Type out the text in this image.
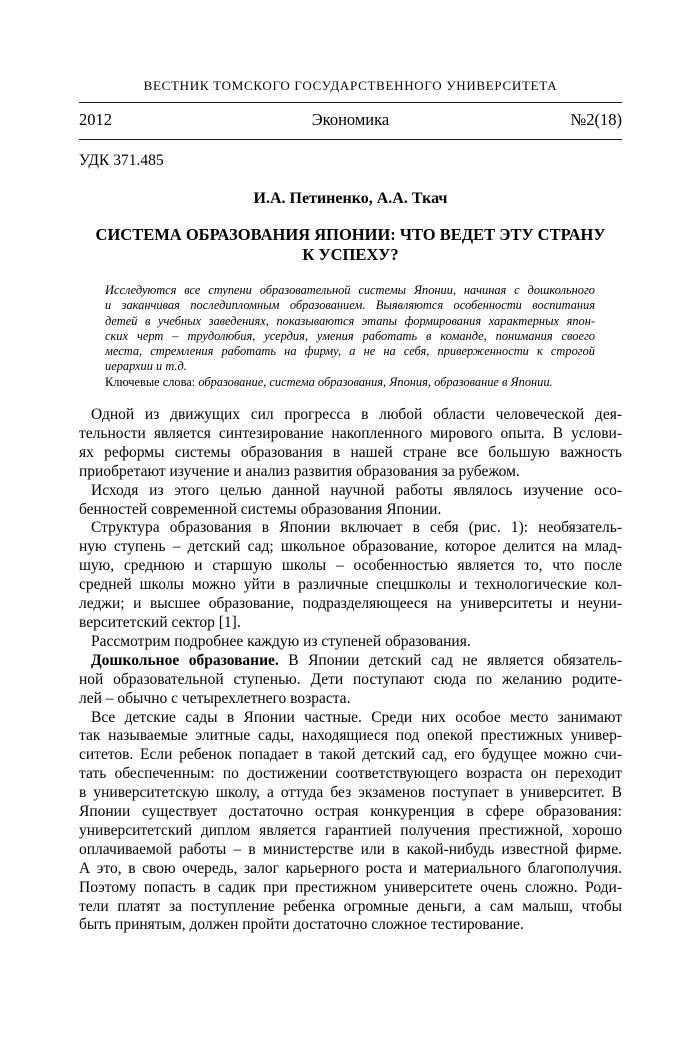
ВЕСТНИК ТОМСКОГО ГОСУДАРСТВЕННОГО УНИВЕРСИТЕТА
2012	Экономика	№2(18)
УДК 371.485
И.А. Петиненко, А.А. Ткач
СИСТЕМА ОБРАЗОВАНИЯ ЯПОНИИ: ЧТО ВЕДЕТ ЭТУ СТРАНУ
К УСПЕХУ?
Исследуются все ступени образовательной системы Японии, начиная с дошкольного
и заканчивая последипломным образованием. Выявляются особенности воспитания
детей в учебных заведениях, показываются этапы формирования характерных япон-
ских черт – трудолюбия, усердия, умения работать в команде, понимания своего
места, стремления работать на фирму, а не на себя, приверженности к строгой
иерархии и т.д.
Ключевые слова: образование, система образования, Япония, образование в Японии.
Одной из движущих сил прогресса в любой области человеческой дея-
тельности является синтезирование накопленного мирового опыта. В услови-
ях реформы системы образования в нашей стране все большую важность
приобретают изучение и анализ развития образования за рубежом.
Исходя из этого целью данной научной работы являлось изучение осо-
бенностей современной системы образования Японии.
Структура образования в Японии включает в себя (рис. 1): необязатель-
ную ступень – детский сад; школьное образование, которое делится на млад-
шую, среднюю и старшую школы – особенностью является то, что после
средней школы можно уйти в различные спецшколы и технологические кол-
леджи; и высшее образование, подразделяющееся на университеты и неуни-
верситетский сектор [1].
Рассмотрим подробнее каждую из ступеней образования.
Дошкольное образование. В Японии детский сад не является обязатель-
ной образовательной ступенью. Дети поступают сюда по желанию родите-
лей – обычно с четырехлетнего возраста.
Все детские сады в Японии частные. Среди них особое место занимают
так называемые элитные сады, находящиеся под опекой престижных универ-
ситетов. Если ребенок попадает в такой детский сад, его будущее можно счи-
тать обеспеченным: по достижении соответствующего возраста он переходит
в университетскую школу, а оттуда без экзаменов поступает в университет. В
Японии существует достаточно острая конкуренция в сфере образования:
университетский диплом является гарантией получения престижной, хорошо
оплачиваемой работы – в министерстве или в какой-нибудь известной фирме.
А это, в свою очередь, залог карьерного роста и материального благополучия.
Поэтому попасть в садик при престижном университете очень сложно. Роди-
тели платят за поступление ребенка огромные деньги, а сам малыш, чтобы
быть принятым, должен пройти достаточно сложное тестирование.
